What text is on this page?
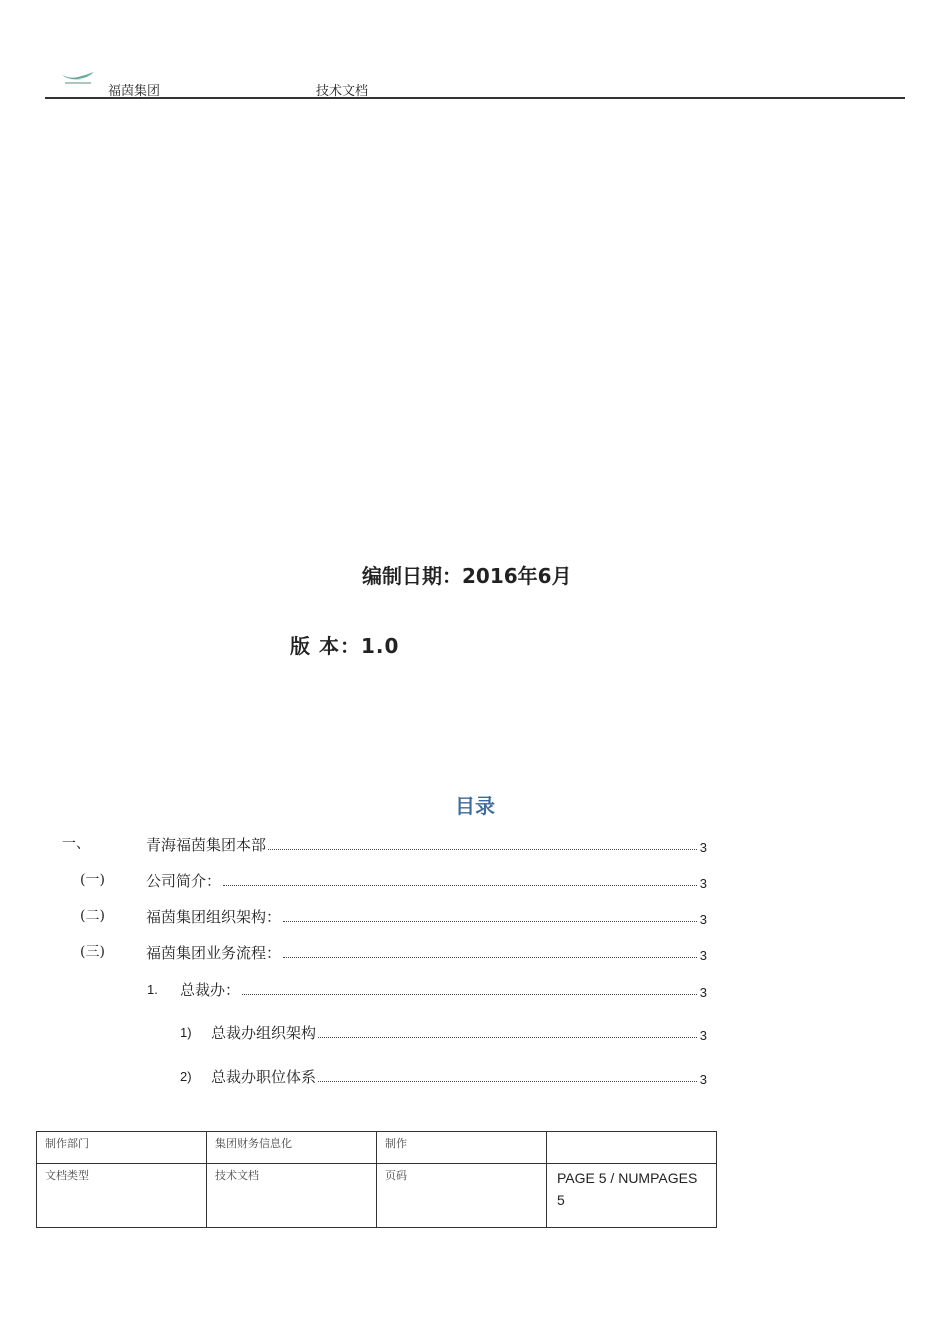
福茵集团	技术文档
编制日期：2016年6月
版 本：1.0
目录
一、	青海福茵集团本部	3
(一)	公司简介：	3
(二)	福茵集团组织架构：	3
(三)	福茵集团业务流程：	3
1. 总裁办：	3
1) 总裁办组织架构	3
2) 总裁办职位体系	3
制作部门	集团财务信息化	制作	
文档类型	技术文档	页码	PAGE 5 / NUMPAGES 5
